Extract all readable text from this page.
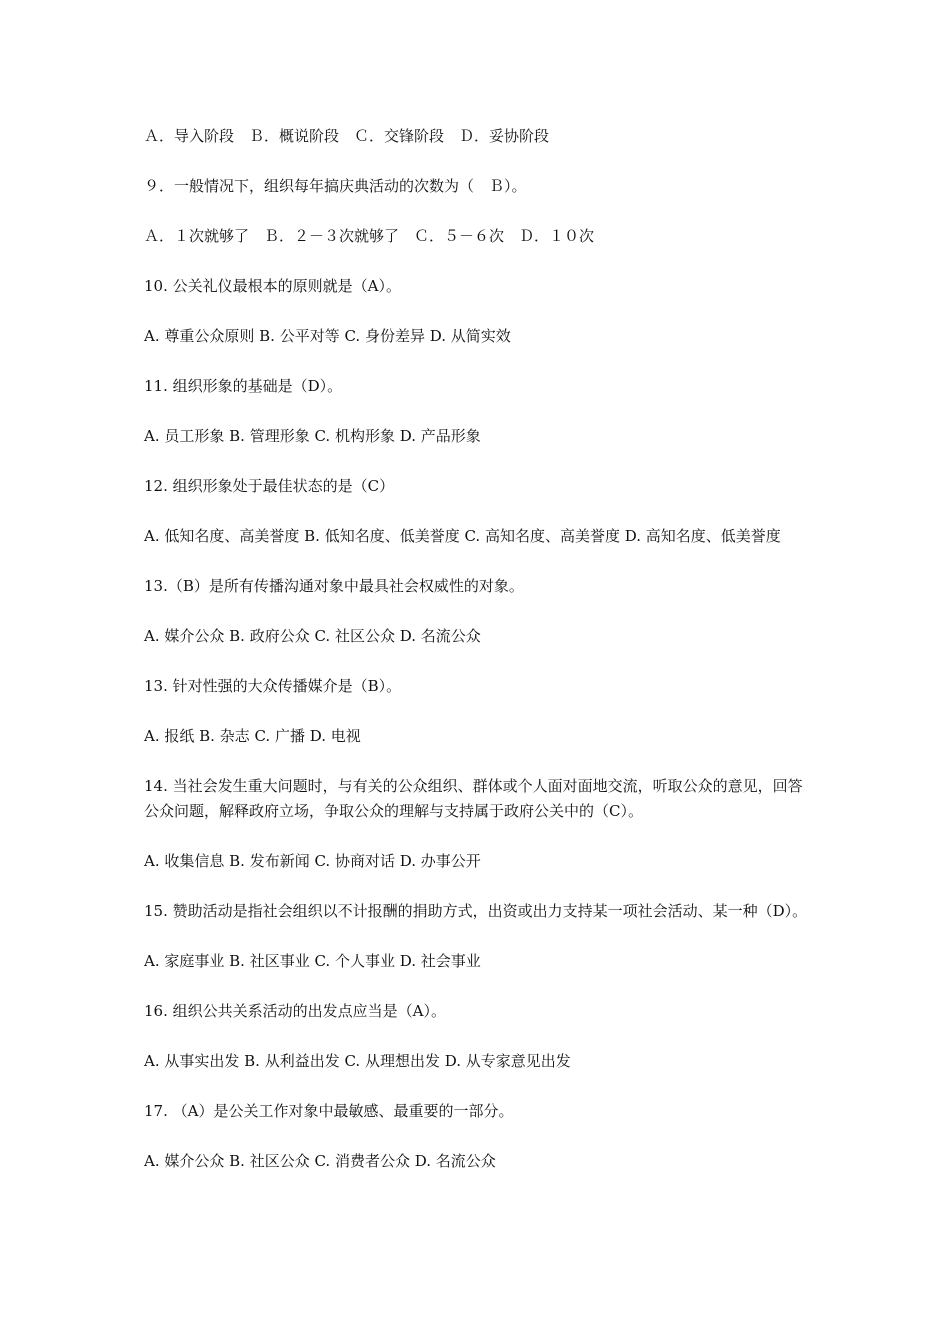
Ａ．导入阶段　Ｂ．概说阶段　Ｃ．交锋阶段　Ｄ．妥协阶段

９．一般情况下，组织每年搞庆典活动的次数为（　Ｂ）。

Ａ．１次就够了　Ｂ．２－３次就够了　Ｃ．５－６次　Ｄ．１０次

10. 公关礼仪最根本的原则就是（A）。

A. 尊重公众原则 B. 公平对等 C. 身份差异 D. 从简实效

11. 组织形象的基础是（D）。

A. 员工形象 B. 管理形象 C. 机构形象 D. 产品形象

12. 组织形象处于最佳状态的是（C）

A. 低知名度、高美誉度 B. 低知名度、低美誉度 C. 高知名度、高美誉度 D. 高知名度、低美誉度

13.（B）是所有传播沟通对象中最具社会权威性的对象。

A. 媒介公众 B. 政府公众 C. 社区公众 D. 名流公众

13. 针对性强的大众传播媒介是（B）。

A. 报纸 B. 杂志 C. 广播 D. 电视

14. 当社会发生重大问题时，与有关的公众组织、群体或个人面对面地交流，听取公众的意见，回答公众问题，解释政府立场，争取公众的理解与支持属于政府公关中的（C）。

A. 收集信息 B. 发布新闻 C. 协商对话 D. 办事公开

15. 赞助活动是指社会组织以不计报酬的捐助方式，出资或出力支持某一项社会活动、某一种（D）。

A. 家庭事业 B. 社区事业 C. 个人事业 D. 社会事业

16. 组织公共关系活动的出发点应当是（A）。

A. 从事实出发 B. 从利益出发 C. 从理想出发 D. 从专家意见出发

17. （A）是公关工作对象中最敏感、最重要的一部分。

A. 媒介公众 B. 社区公众 C. 消费者公众 D. 名流公众
